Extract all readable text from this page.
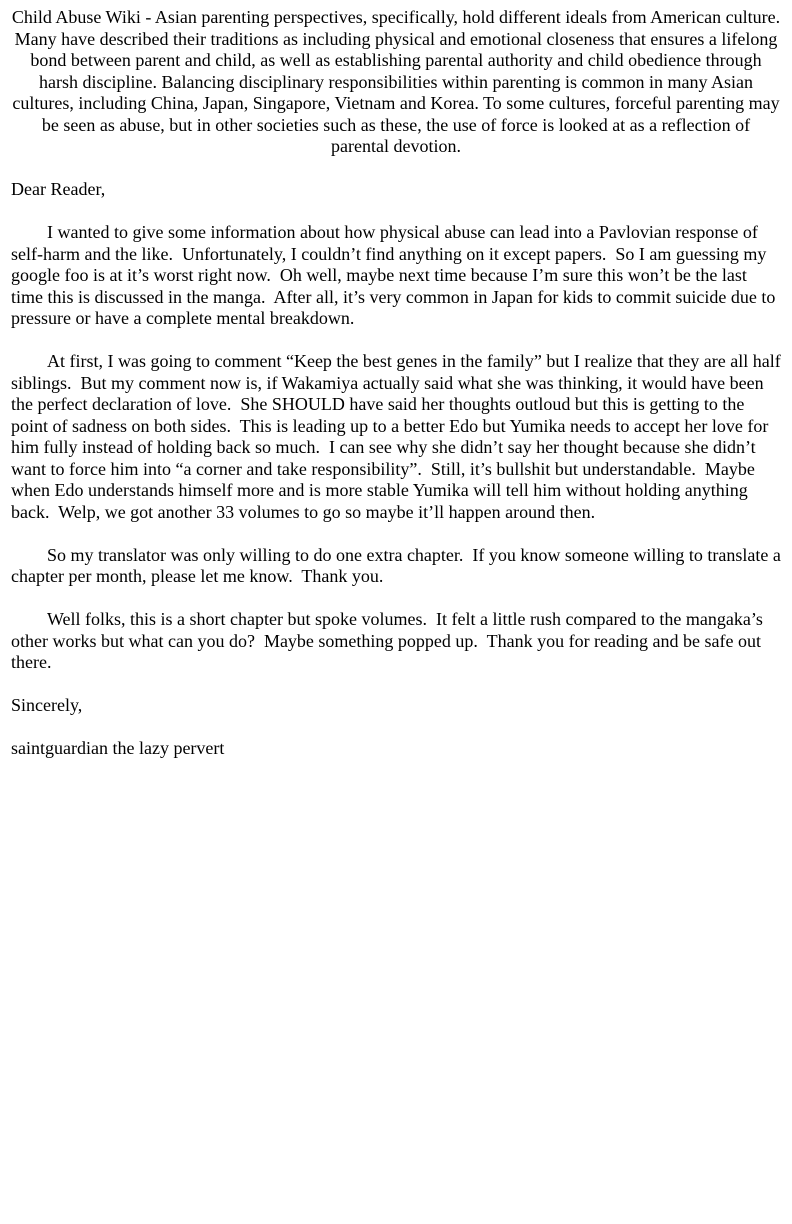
Child Abuse Wiki - Asian parenting perspectives, specifically, hold different ideals from American culture. Many have described their traditions as including physical and emotional closeness that ensures a lifelong bond between parent and child, as well as establishing parental authority and child obedience through harsh discipline. Balancing disciplinary responsibilities within parenting is common in many Asian cultures, including China, Japan, Singapore, Vietnam and Korea. To some cultures, forceful parenting may be seen as abuse, but in other societies such as these, the use of force is looked at as a reflection of parental devotion.

Dear Reader,

I wanted to give some information about how physical abuse can lead into a Pavlovian response of self-harm and the like.  Unfortunately, I couldn’t find anything on it except papers.  So I am guessing my google foo is at it’s worst right now.  Oh well, maybe next time because I’m sure this won’t be the last time this is discussed in the manga.  After all, it’s very common in Japan for kids to commit suicide due to pressure or have a complete mental breakdown.

At first, I was going to comment “Keep the best genes in the family” but I realize that they are all half siblings.  But my comment now is, if Wakamiya actually said what she was thinking, it would have been the perfect declaration of love.  She SHOULD have said her thoughts outloud but this is getting to the point of sadness on both sides.  This is leading up to a better Edo but Yumika needs to accept her love for him fully instead of holding back so much.  I can see why she didn’t say her thought because she didn’t want to force him into “a corner and take responsibility”.  Still, it’s bullshit but understandable.  Maybe when Edo understands himself more and is more stable Yumika will tell him without holding anything back.  Welp, we got another 33 volumes to go so maybe it’ll happen around then.

So my translator was only willing to do one extra chapter.  If you know someone willing to translate a chapter per month, please let me know.  Thank you.

Well folks, this is a short chapter but spoke volumes.  It felt a little rush compared to the mangaka’s other works but what can you do?  Maybe something popped up.  Thank you for reading and be safe out there.

Sincerely,

saintguardian the lazy pervert
